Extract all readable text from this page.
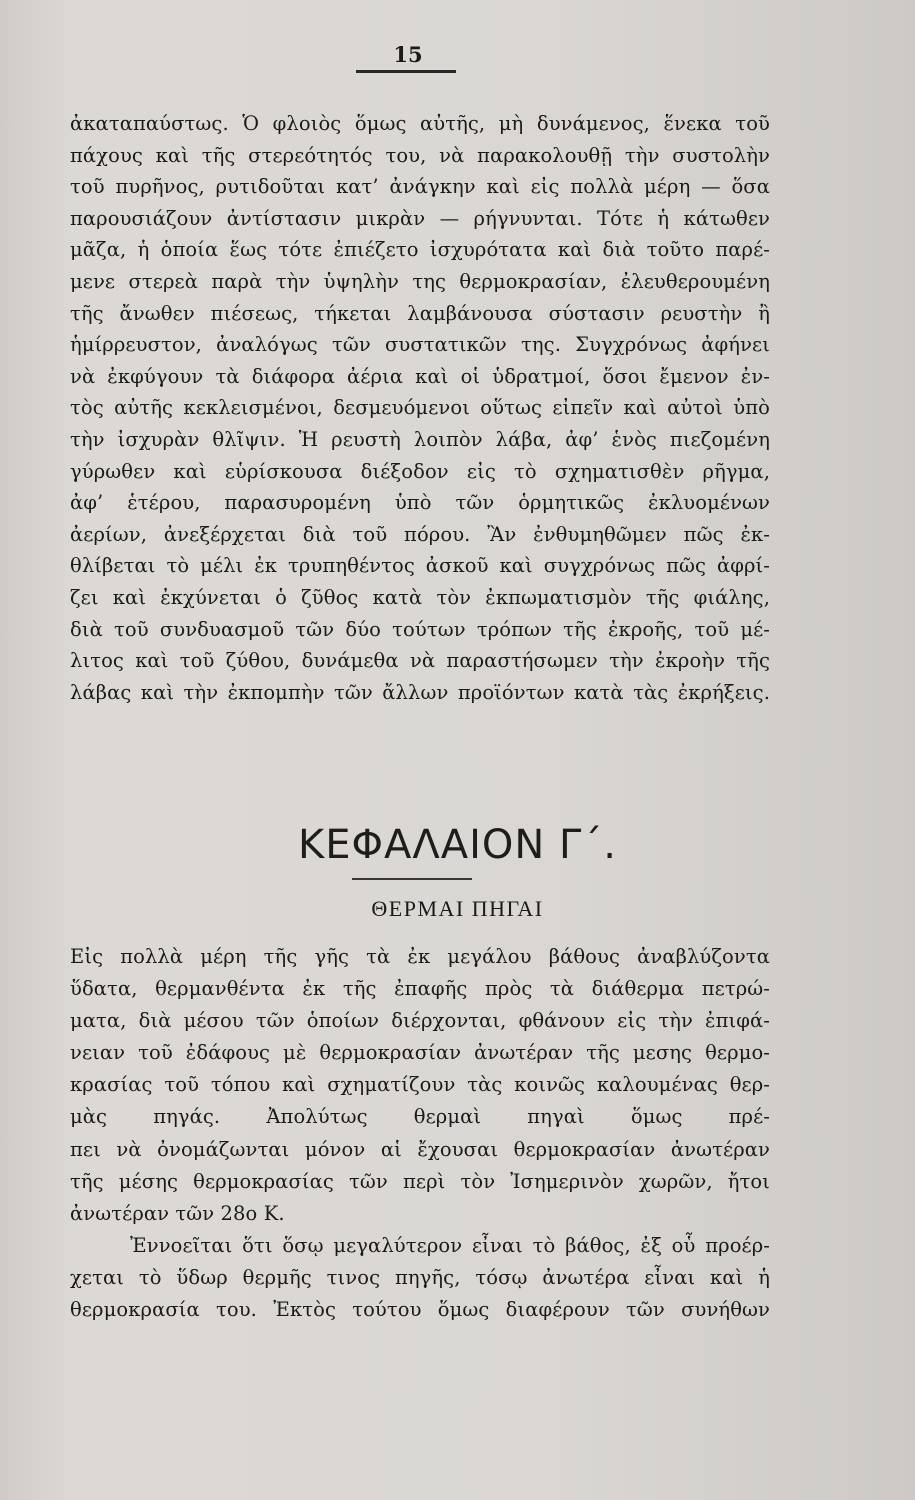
15
ἀκαταπαύστως. Ὁ φλοιὸς ὅμως αὐτῆς, μὴ δυνάμενος, ἕνεκα τοῦ
πάχους καὶ τῆς στερεότητός του, νὰ παρακολουθῇ τὴν συστολὴν
τοῦ πυρῆνος, ρυτιδοῦται κατ’ ἀνάγκην καὶ εἰς πολλὰ μέρη — ὅσα
παρουσιάζουν ἀντίστασιν μικρὰν — ρήγνυνται. Τότε ἡ κάτωθεν
μᾶζα, ἡ ὁποία ἕως τότε ἐπιέζετο ἰσχυρότατα καὶ διὰ τοῦτο παρέ-
μενε στερεὰ παρὰ τὴν ὑψηλὴν της θερμοκρασίαν, ἐλευθερουμένη
τῆς ἄνωθεν πιέσεως, τήκεται λαμβάνουσα σύστασιν ρευστὴν ἢ
ἡμίρρευστον, ἀναλόγως τῶν συστατικῶν της. Συγχρόνως ἀφήνει
νὰ ἐκφύγουν τὰ διάφορα ἀέρια καὶ οἱ ὑδρατμοί, ὅσοι ἔμενον ἐν-
τὸς αὐτῆς κεκλεισμένοι, δεσμευόμενοι οὕτως εἰπεῖν καὶ αὐτοὶ ὑπὸ
τὴν ἰσχυρὰν θλῖψιν. Ἡ ρευστὴ λοιπὸν λάβα, ἀφ’ ἑνὸς πιεζομένη
γύρωθεν καὶ εὑρίσκουσα διέξοδον εἰς τὸ σχηματισθὲν ρῆγμα,
ἀφ’ ἑτέρου, παρασυρομένη ὑπὸ τῶν ὁρμητικῶς ἐκλυομένων
ἀερίων, ἀνεξέρχεται διὰ τοῦ πόρου. Ἂν ἐνθυμηθῶμεν πῶς ἐκ-
θλίβεται τὸ μέλι ἐκ τρυπηθέντος ἀσκοῦ καὶ συγχρόνως πῶς ἀφρί-
ζει καὶ ἐκχύνεται ὁ ζῦθος κατὰ τὸν ἐκπωματισμὸν τῆς φιάλης,
διὰ τοῦ συνδυασμοῦ τῶν δύο τούτων τρόπων τῆς ἐκροῆς, τοῦ μέ-
λιτος καὶ τοῦ ζύθου, δυνάμεθα νὰ παραστήσωμεν τὴν ἐκροὴν τῆς
λάβας καὶ τὴν ἐκπομπὴν τῶν ἄλλων προϊόντων κατὰ τὰς ἐκρήξεις.
ΚΕΦΑΛΑΙΟΝ Γ΄.
ΘΕΡΜΑΙ ΠΗΓΑΙ
Εἰς πολλὰ μέρη τῆς γῆς τὰ ἐκ μεγάλου βάθους ἀναβλύζοντα
ὕδατα, θερμανθέντα ἐκ τῆς ἐπαφῆς πρὸς τὰ διάθερμα πετρώ-
ματα, διὰ μέσου τῶν ὁποίων διέρχονται, φθάνουν εἰς τὴν ἐπιφά-
νειαν τοῦ ἐδάφους μὲ θερμοκρασίαν ἀνωτέραν τῆς μεσης θερμο-
κρασίας τοῦ τόπου καὶ σχηματίζουν τὰς κοινῶς καλουμένας θερ-
μὰς πηγάς. Ἀπολύτως θερμαὶ πηγαὶ ὅμως πρέ-
πει νὰ ὀνομάζωνται μόνον αἱ ἔχουσαι θερμοκρασίαν ἀνωτέραν
τῆς μέσης θερμοκρασίας τῶν περὶ τὸν Ἰσημερινὸν χωρῶν, ἤτοι
ἀνωτέραν τῶν 28ο Κ.
Ἐννοεῖται ὅτι ὅσῳ μεγαλύτερον εἶναι τὸ βάθος, ἐξ οὗ προέρ-
χεται τὸ ὕδωρ θερμῆς τινος πηγῆς, τόσῳ ἀνωτέρα εἶναι καὶ ἡ
θερμοκρασία του. Ἐκτὸς τούτου ὅμως διαφέρουν τῶν συνήθων
